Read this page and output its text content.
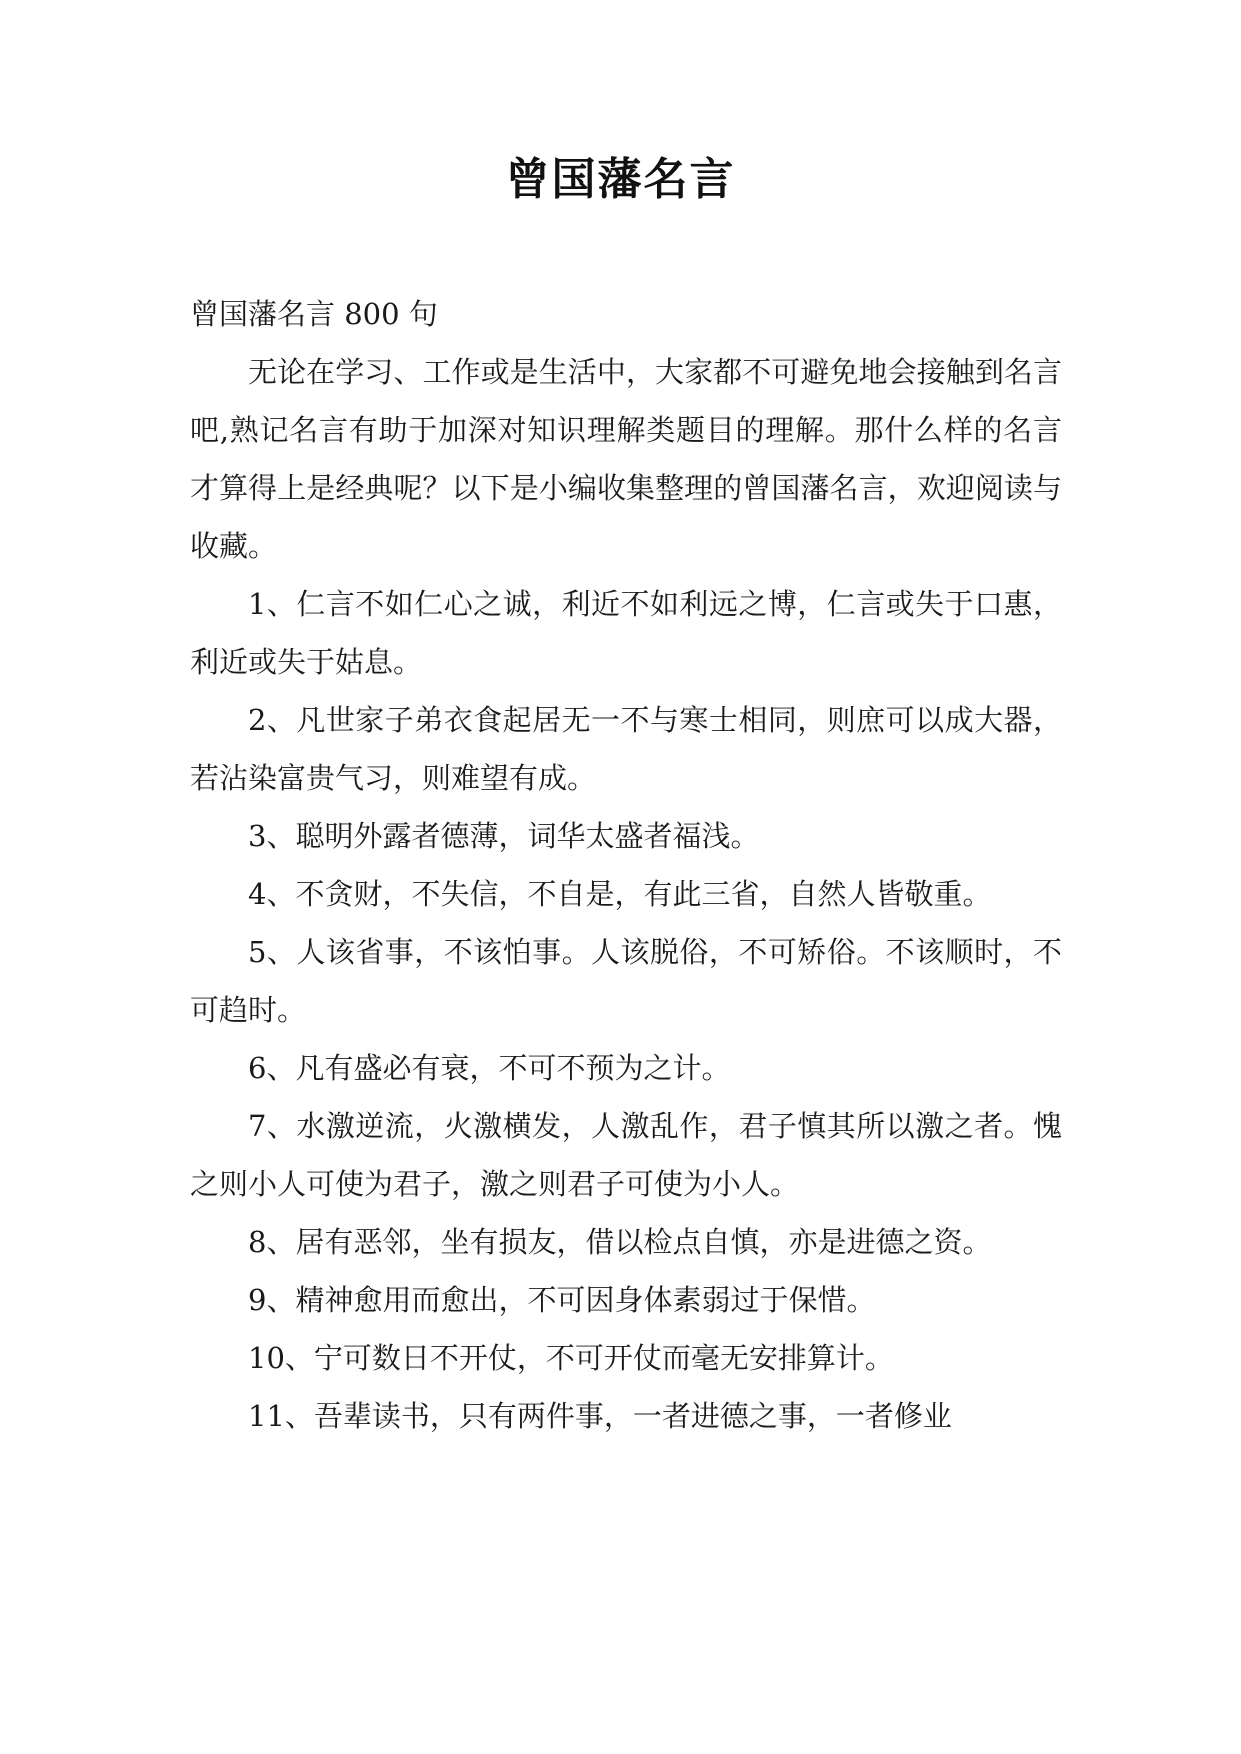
曾国藩名言

曾国藩名言 800 句

无论在学习、工作或是生活中，大家都不可避免地会接触到名言吧,熟记名言有助于加深对知识理解类题目的理解。那什么样的名言才算得上是经典呢？以下是小编收集整理的曾国藩名言，欢迎阅读与收藏。

1、仁言不如仁心之诚，利近不如利远之博，仁言或失于口惠，利近或失于姑息。

2、凡世家子弟衣食起居无一不与寒士相同，则庶可以成大器，若沾染富贵气习，则难望有成。

3、聪明外露者德薄，词华太盛者福浅。

4、不贪财，不失信，不自是，有此三省，自然人皆敬重。

5、人该省事，不该怕事。人该脱俗，不可矫俗。不该顺时，不可趋时。

6、凡有盛必有衰，不可不预为之计。

7、水激逆流，火激横发，人激乱作，君子慎其所以激之者。愧之则小人可使为君子，激之则君子可使为小人。

8、居有恶邻，坐有损友，借以检点自慎，亦是进德之资。

9、精神愈用而愈出，不可因身体素弱过于保惜。

10、宁可数日不开仗，不可开仗而毫无安排算计。

11、吾辈读书，只有两件事，一者进德之事，一者修业
